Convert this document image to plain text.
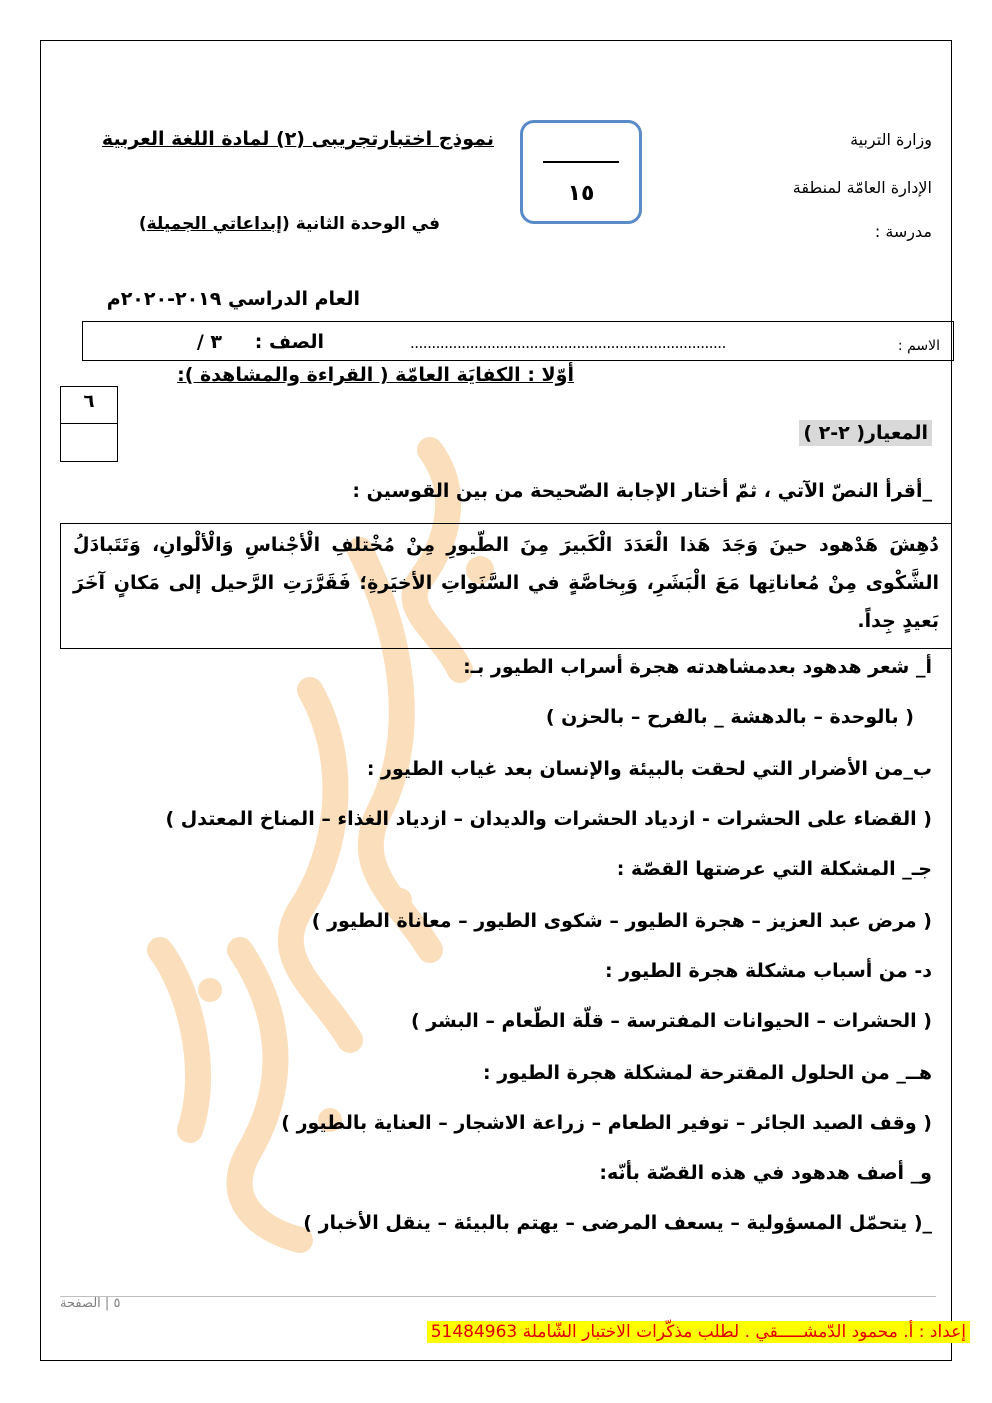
وزارة التربية
الإدارة العامّة لمنطقة
مدرسة :
١٥
نموذج اختبارتجريبى (٢) لمادة اللغة العربية
في الوحدة الثانية (إبداعاتي الجميلة)
العام الدراسي ٢٠١٩-٢٠٢٠م
الاسم :
..........................................................................
الصف :
٣ /
أوّلا : الكفايَة العامّة ( القراءة والمشاهدة ):
٦
المعيار( ٢-٢ )
_أقرأ النصّ الآتي ، ثمّ أختار الإجابة الصّحيحة من بين القوسين :

دُهِشَ هَدْهود حينَ وَجَدَ هَذا الْعَدَدَ الْكَبيرَ مِنَ الطّيورِ مِنْ مُخْتلفِ الْأجْناسِ وَالْألْوانِ، وَتَتَبادَلُ الشَّكْوى مِنْ مُعاناتِها مَعَ الْبَشَرِ، وَبِخاصَّةٍ في السَّنَواتِ الأخيَرةِ؛ فَقَرَّرَتِ الرَّحيل إلى مَكانٍ آخَرَ بَعيدٍ جِداً.

أ_ شعر هدهود بعدمشاهدته هجرة أسراب الطيور بـ:
( بالوحدة – بالدهشة _ بالفرح – بالحزن )
ب_من الأضرار التي لحقت بالبيئة والإنسان بعد غياب الطيور :
( القضاء على الحشرات - ازدياد الحشرات والديدان – ازدياد الغذاء – المناخ المعتدل )
جـ_ المشكلة التي عرضتها القصّة :
( مرض عبد العزيز – هجرة الطيور – شكوى الطيور – معاناة الطيور )
د- من أسباب مشكلة هجرة الطيور :
( الحشرات – الحيوانات المفترسة – قلّة الطّعام – البشر )
هــ_ من الحلول المقترحة لمشكلة هجرة الطيور :
( وقف الصيد الجائر – توفير الطعام – زراعة الاشجار – العناية بالطيور )
و_ أصف هدهود في هذه القصّة بأنّه:
_( يتحمّل المسؤولية – يسعف المرضى – يهتم بالبيئة – ينقل الأخبار )
٥ | الصفحة
إعداد : أ. محمود الدّمشـــــقي . لطلب مذكّرات الاختبار الشّاملة 51484963
